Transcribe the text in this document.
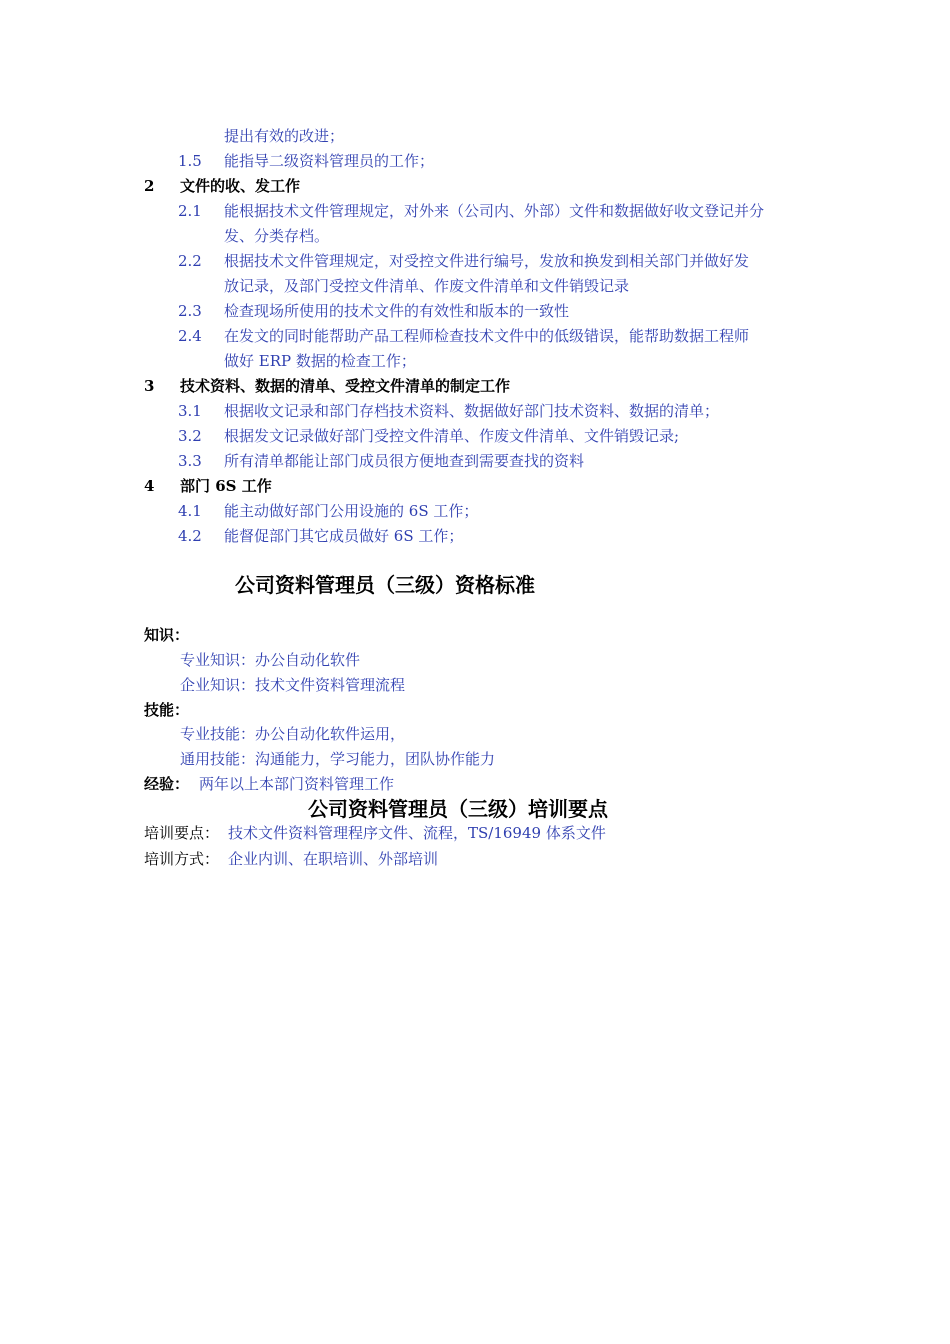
提出有效的改进；
1.5 能指导二级资料管理员的工作；
2 文件的收、发工作
2.1 能根据技术文件管理规定，对外来（公司内、外部）文件和数据做好收文登记并分
发、分类存档。
2.2 根据技术文件管理规定，对受控文件进行编号，发放和换发到相关部门并做好发
放记录，及部门受控文件清单、作废文件清单和文件销毁记录
2.3 检查现场所使用的技术文件的有效性和版本的一致性
2.4 在发文的同时能帮助产品工程师检查技术文件中的低级错误，能帮助数据工程师
做好 ERP 数据的检查工作；
3 技术资料、数据的清单、受控文件清单的制定工作
3.1 根据收文记录和部门存档技术资料、数据做好部门技术资料、数据的清单；
3.2 根据发文记录做好部门受控文件清单、作废文件清单、文件销毁记录;
3.3 所有清单都能让部门成员很方便地查到需要查找的资料
4 部门 6S 工作
4.1 能主动做好部门公用设施的 6S 工作；
4.2 能督促部门其它成员做好 6S 工作；
公司资料管理员（三级）资格标准
知识：
专业知识：办公自动化软件
企业知识：技术文件资料管理流程
技能：
专业技能：办公自动化软件运用，
通用技能：沟通能力，学习能力，团队协作能力
经验： 两年以上本部门资料管理工作
公司资料管理员（三级）培训要点
培训要点： 技术文件资料管理程序文件、流程，TS/16949 体系文件
培训方式： 企业内训、在职培训、外部培训
